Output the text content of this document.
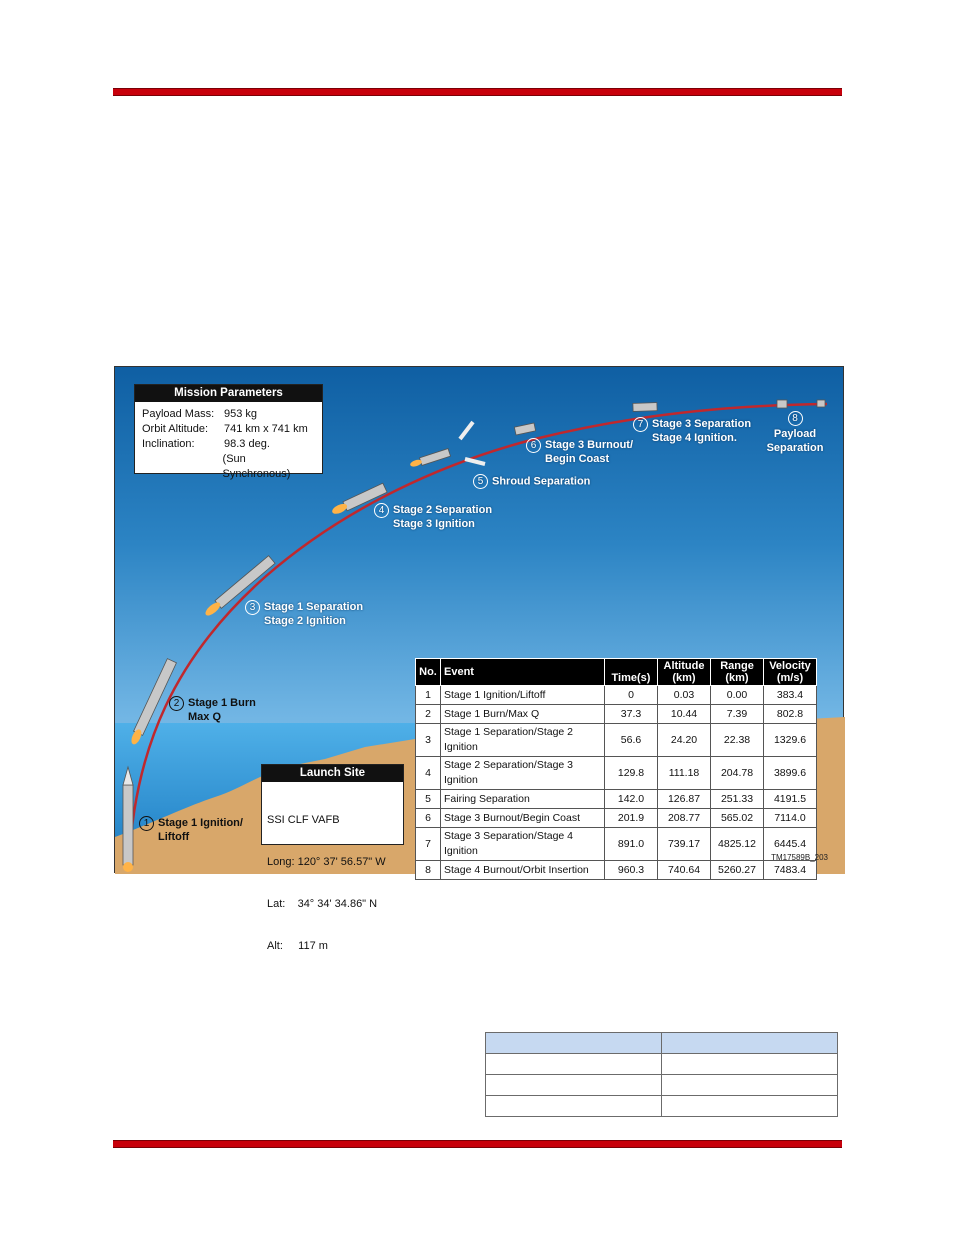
Mission Parameters
Payload Mass: 953 kg
Orbit Altitude:	741 km x 741 km
Inclination:	98.3 deg.
(Sun Synchronous)
Launch Site

SSI CLF VAFB

Long: 120° 37' 56.57" W

Lat:    34° 34' 34.86" N

Alt:     117 m

1 Stage 1 Ignition/
Liftoff
2 Stage 1 Burn
Max Q
3 Stage 1 Separation
Stage 2 Ignition
4 Stage 2 Separation
Stage 3 Ignition
5 Shroud Separation
6 Stage 3 Burnout/
Begin Coast
7 Stage 3 Separation
Stage 4 Ignition.
8
Payload
Separation
No.	Event	Time(s)	Altitude (km)	Range (km)	Velocity (m/s)
1	Stage 1 Ignition/Liftoff	0	0.03	0.00	383.4
2	Stage 1 Burn/Max Q	37.3	10.44	7.39	802.8
3	Stage 1 Separation/Stage 2 Ignition	56.6	24.20	22.38	1329.6
4	Stage 2 Separation/Stage 3 Ignition	129.8	111.18	204.78	3899.6
5	Fairing Separation	142.0	126.87	251.33	4191.5
6	Stage 3 Burnout/Begin Coast	201.9	208.77	565.02	7114.0
7	Stage 3 Separation/Stage 4 Ignition	891.0	739.17	4825.12	6445.4
8	Stage 4 Burnout/Orbit Insertion	960.3	740.64	5260.27	7483.4
TM17589B_203
